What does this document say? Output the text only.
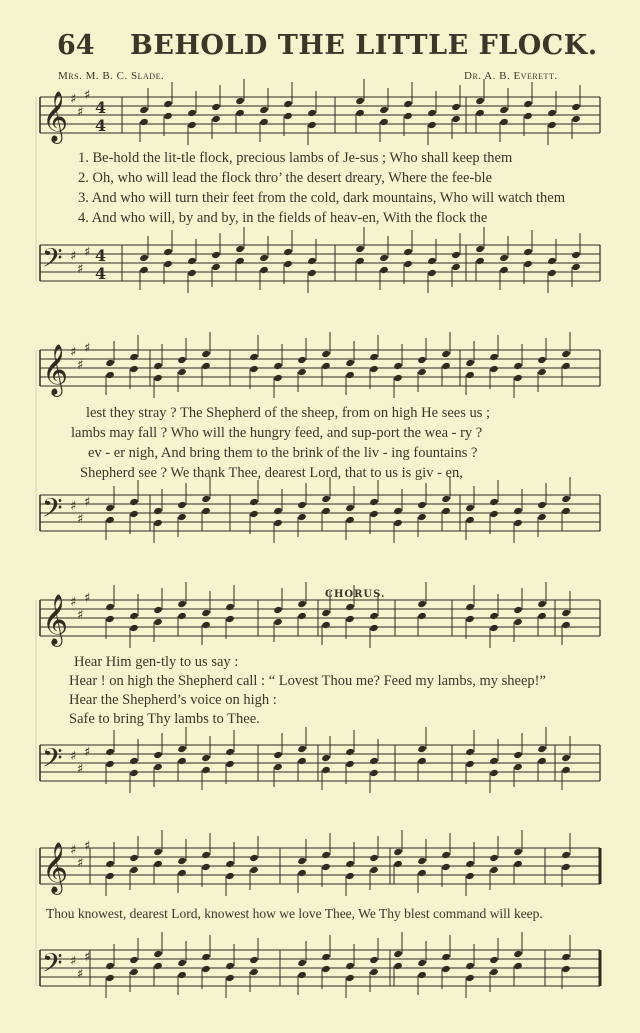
64 BEHOLD THE LITTLE FLOCK.
Mrs. M. B. C. Slade.	Dr. A. B. Everett.
𝄞 ♯
♯
♯
4
4
𝄢 ♯
♯
♯ 4
4
𝄞 ♯
♯
♯
𝄢 ♯
♯
♯
𝄞 ♯
♯
♯
𝄢 ♯
♯
♯
𝄞 ♯
♯
♯
𝄢 ♯
♯
♯
1. Be-hold the lit-tle flock, precious lambs of Je-sus ; Who shall keep them
2. Oh, who will lead the flock thro’ the desert dreary, Where the fee-ble
3. And who will turn their feet from the cold, dark mountains, Who will watch them
4. And who will, by and by, in the fields of heav-en, With the flock the
lest they stray ? The Shepherd of the sheep, from on high He sees us ;
lambs may fall ? Who will the hungry feed, and sup-port the wea - ry ?
ev - er nigh, And bring them to the brink of the liv - ing fountains ?
Shepherd see ? We thank Thee, dearest Lord, that to us is giv - en,
CHORUS.
Hear Him gen-tly to us say :
Hear ! on high the Shepherd call : “ Lovest Thou me? Feed my lambs, my sheep!”
Hear the Shepherd’s voice on high :
Safe to bring Thy lambs to Thee.
Thou knowest, dearest Lord, knowest how we love Thee, We Thy blest command will keep.
